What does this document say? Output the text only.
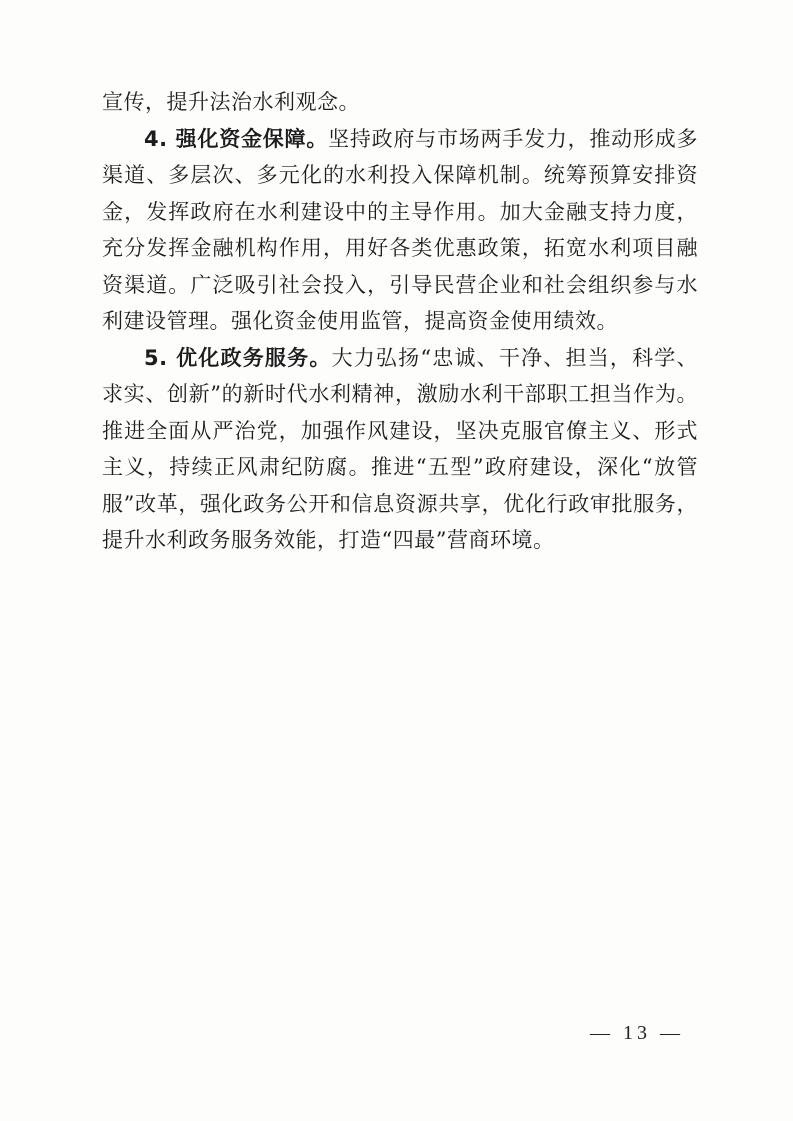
宣传，提升法治水利观念。

4. 强化资金保障。坚持政府与市场两手发力，推动形成多渠道、多层次、多元化的水利投入保障机制。统筹预算安排资金，发挥政府在水利建设中的主导作用。加大金融支持力度，充分发挥金融机构作用，用好各类优惠政策，拓宽水利项目融资渠道。广泛吸引社会投入，引导民营企业和社会组织参与水利建设管理。强化资金使用监管，提高资金使用绩效。

5. 优化政务服务。大力弘扬“忠诚、干净、担当，科学、求实、创新”的新时代水利精神，激励水利干部职工担当作为。推进全面从严治党，加强作风建设，坚决克服官僚主义、形式主义，持续正风肃纪防腐。推进“五型”政府建设，深化“放管服”改革，强化政务公开和信息资源共享，优化行政审批服务，提升水利政务服务效能，打造“四最”营商环境。

— 13 —
